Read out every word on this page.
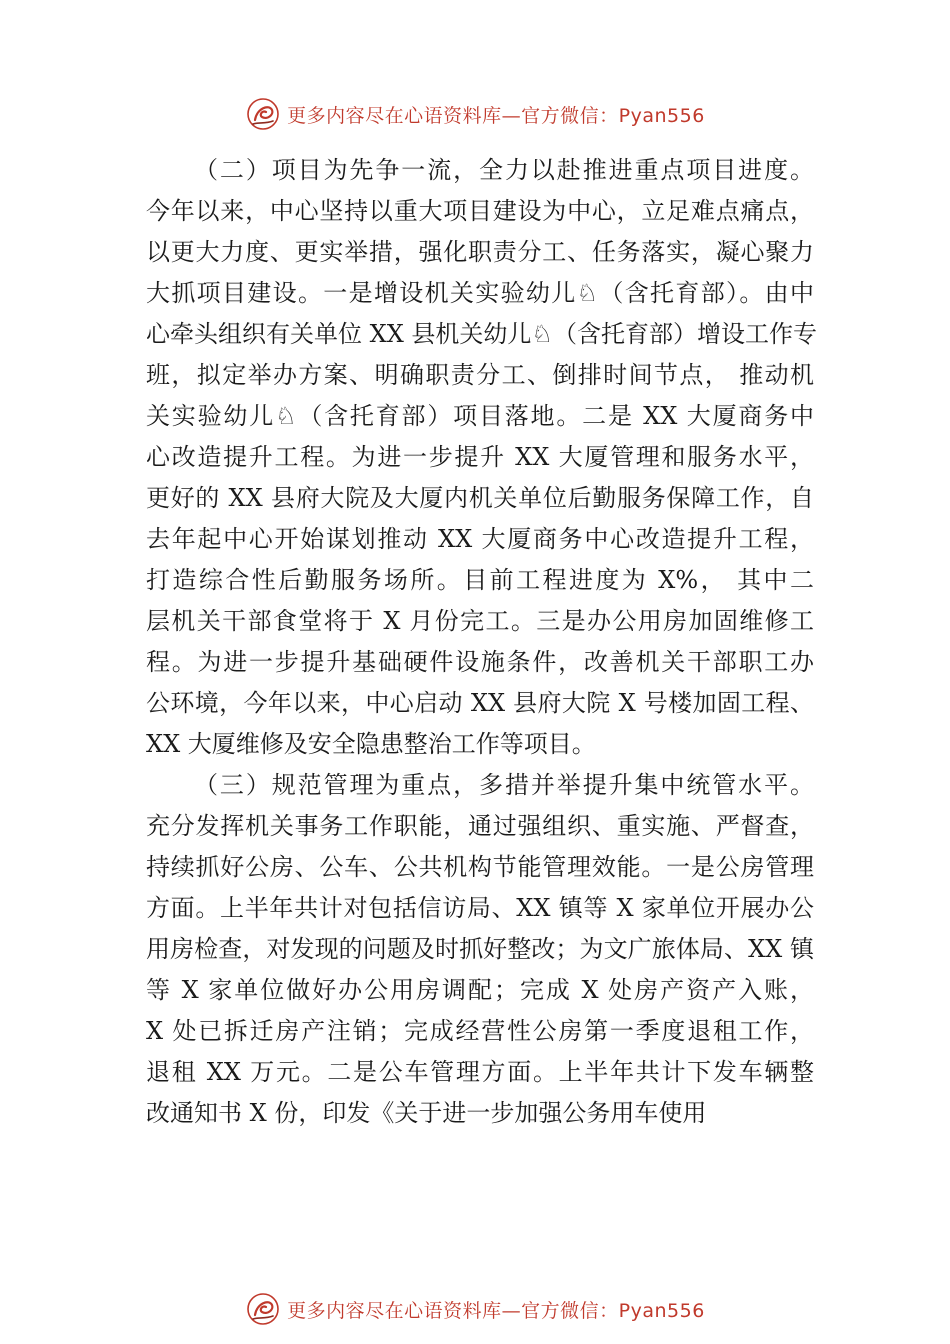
更多内容尽在心语资料库—官方微信：Pyan556

（二）项目为先争一流，全力以赴推进重点项目进度。
今年以来，中心坚持以重大项目建设为中心，立足难点痛点，
以更大力度、更实举措，强化职责分工、任务落实，凝心聚力
大抓项目建设。一是增设机关实验幼儿♘（含托育部）。由中
心牵头组织有关单位 XX 县机关幼儿♘（含托育部）增设工作专
班，拟定举办方案、明确职责分工、倒排时间节点， 推动机
关实验幼儿♘（含托育部）项目落地。二是 XX 大厦商务中
心改造提升工程。为进一步提升 XX 大厦管理和服务水平，
更好的 XX 县府大院及大厦内机关单位后勤服务保障工作，自
去年起中心开始谋划推动 XX 大厦商务中心改造提升工程，
打造综合性后勤服务场所。目前工程进度为 X%， 其中二
层机关干部食堂将于 X 月份完工。三是办公用房加固维修工
程。为进一步提升基础硬件设施条件，改善机关干部职工办
公环境，今年以来，中心启动 XX 县府大院 X 号楼加固工程、
XX 大厦维修及安全隐患整治工作等项目。

（三）规范管理为重点，多措并举提升集中统管水平。
充分发挥机关事务工作职能，通过强组织、重实施、严督查，
持续抓好公房、公车、公共机构节能管理效能。一是公房管理
方面。上半年共计对包括信访局、XX 镇等 X 家单位开展办公
用房检查，对发现的问题及时抓好整改；为文广旅体局、XX 镇
等 X 家单位做好办公用房调配；完成 X 处房产资产入账，
X 处已拆迁房产注销；完成经营性公房第一季度退租工作，
退租 XX 万元。二是公车管理方面。上半年共计下发车辆整
改通知书 X 份，印发《关于进一步加强公务用车使用

更多内容尽在心语资料库—官方微信：Pyan556
